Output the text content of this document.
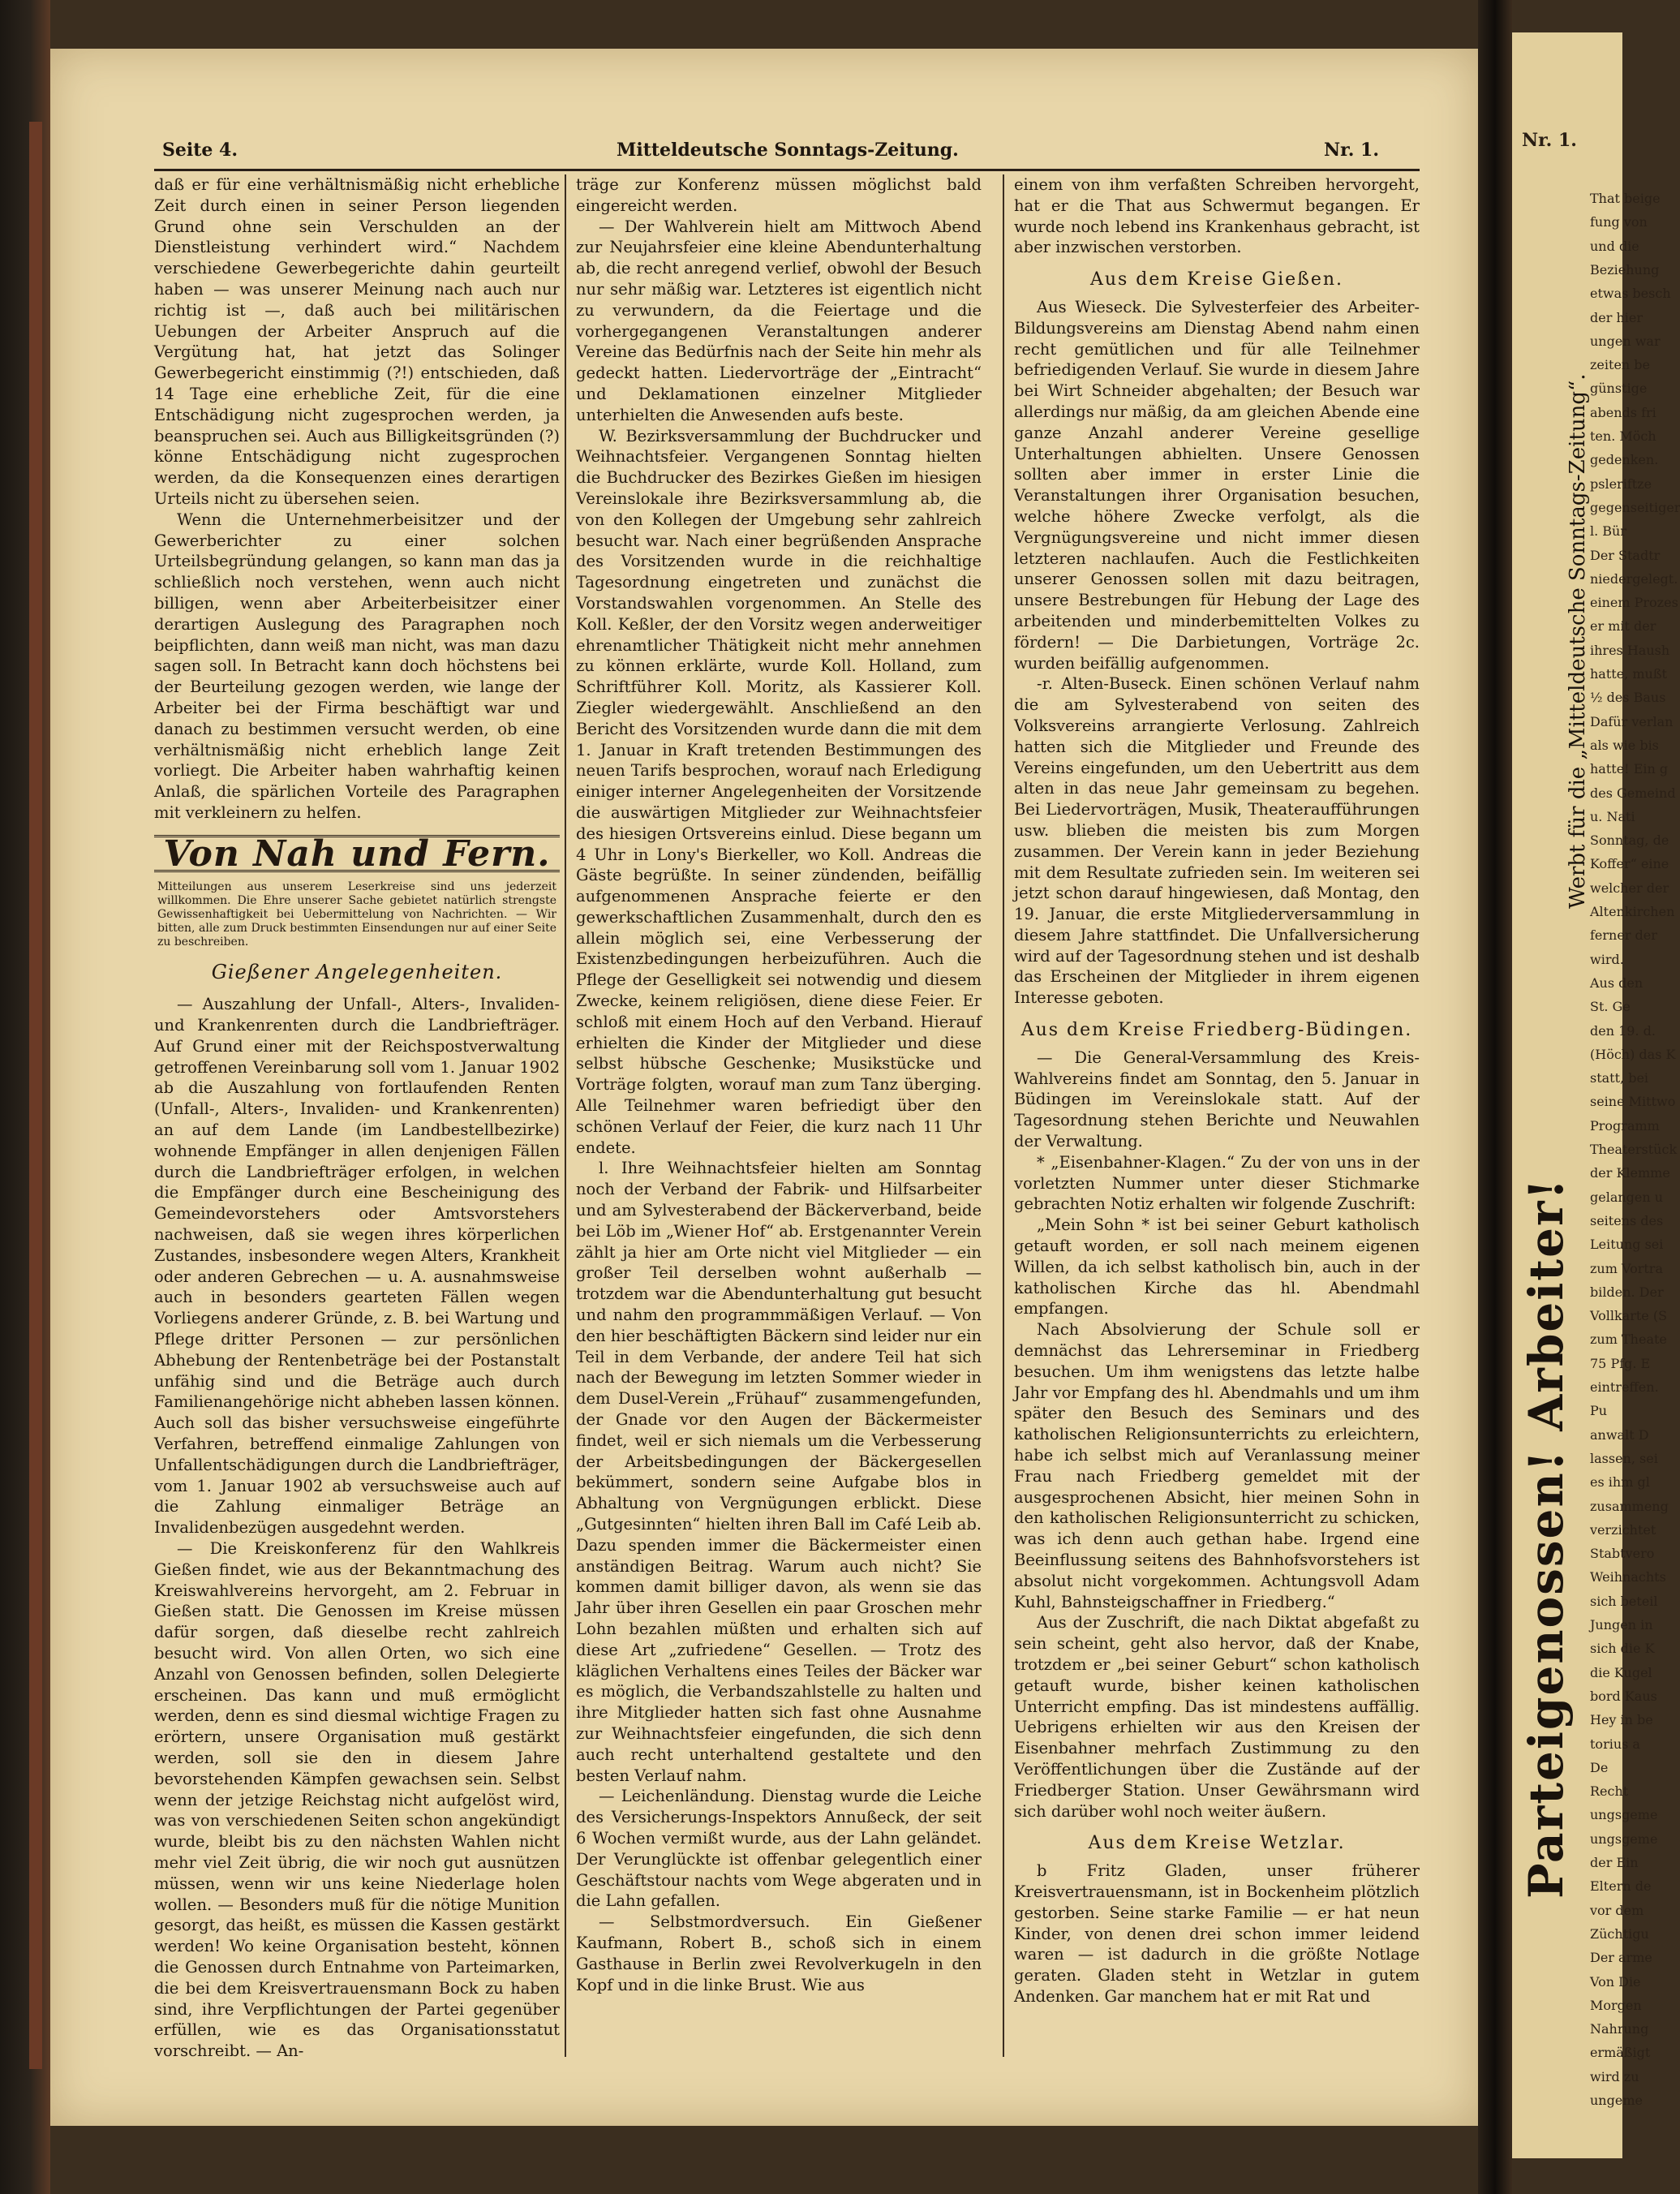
Seite 4.	Mitteldeutsche Sonntags-Zeitung.	Nr. 1.

daß er für eine verhältnismäßig nicht erhebliche Zeit durch einen in seiner Person liegenden Grund ohne sein Verschulden an der Dienstleistung verhindert wird.“ Nachdem verschiedene Gewerbegerichte dahin geurteilt haben — was unserer Meinung nach auch nur richtig ist —, daß auch bei militärischen Uebungen der Arbeiter Anspruch auf die Vergütung hat, hat jetzt das Solinger Gewerbegericht einstimmig (?!) entschieden, daß 14 Tage eine erhebliche Zeit, für die eine Entschädigung nicht zugesprochen werden, ja beanspruchen sei. Auch aus Billigkeitsgründen (?) könne Entschädigung nicht zugesprochen werden, da die Konsequenzen eines derartigen Urteils nicht zu übersehen seien.

Wenn die Unternehmerbeisitzer und der Gewerberichter zu einer solchen Urteilsbegründung gelangen, so kann man das ja schließlich noch verstehen, wenn auch nicht billigen, wenn aber Arbeiterbeisitzer einer derartigen Auslegung des Paragraphen noch beipflichten, dann weiß man nicht, was man dazu sagen soll. In Betracht kann doch höchstens bei der Beurteilung gezogen werden, wie lange der Arbeiter bei der Firma beschäftigt war und danach zu bestimmen versucht werden, ob eine verhältnismäßig nicht erheblich lange Zeit vorliegt. Die Arbeiter haben wahrhaftig keinen Anlaß, die spärlichen Vorteile des Paragraphen mit verkleinern zu helfen.

Von Nah und Fern.
Mitteilungen aus unserem Leserkreise sind uns jederzeit willkommen. Die Ehre unserer Sache gebietet natürlich strengste Gewissenhaftigkeit bei Uebermittelung von Nachrichten. — Wir bitten, alle zum Druck bestimmten Einsendungen nur auf einer Seite zu beschreiben.
Gießener Angelegenheiten.

— Auszahlung der Unfall-, Alters-, Invaliden- und Krankenrenten durch die Landbriefträger. Auf Grund einer mit der Reichspostverwaltung getroffenen Vereinbarung soll vom 1. Januar 1902 ab die Auszahlung von fortlaufenden Renten (Unfall-, Alters-, Invaliden- und Krankenrenten) an auf dem Lande (im Landbestellbezirke) wohnende Empfänger in allen denjenigen Fällen durch die Landbriefträger erfolgen, in welchen die Empfänger durch eine Bescheinigung des Gemeindevorstehers oder Amtsvorstehers nachweisen, daß sie wegen ihres körperlichen Zustandes, insbesondere wegen Alters, Krankheit oder anderen Gebrechen — u. A. ausnahmsweise auch in besonders gearteten Fällen wegen Vorliegens anderer Gründe, z. B. bei Wartung und Pflege dritter Personen — zur persönlichen Abhebung der Rentenbeträge bei der Postanstalt unfähig sind und die Beträge auch durch Familienangehörige nicht abheben lassen können. Auch soll das bisher versuchsweise eingeführte Verfahren, betreffend einmalige Zahlungen von Unfallentschädigungen durch die Landbriefträger, vom 1. Januar 1902 ab versuchsweise auch auf die Zahlung einmaliger Beträge an Invalidenbezügen ausgedehnt werden.

— Die Kreiskonferenz für den Wahlkreis Gießen findet, wie aus der Bekanntmachung des Kreiswahlvereins hervorgeht, am 2. Februar in Gießen statt. Die Genossen im Kreise müssen dafür sorgen, daß dieselbe recht zahlreich besucht wird. Von allen Orten, wo sich eine Anzahl von Genossen befinden, sollen Delegierte erscheinen. Das kann und muß ermöglicht werden, denn es sind diesmal wichtige Fragen zu erörtern, unsere Organisation muß gestärkt werden, soll sie den in diesem Jahre bevorstehenden Kämpfen gewachsen sein. Selbst wenn der jetzige Reichstag nicht aufgelöst wird, was von verschiedenen Seiten schon angekündigt wurde, bleibt bis zu den nächsten Wahlen nicht mehr viel Zeit übrig, die wir noch gut ausnützen müssen, wenn wir uns keine Niederlage holen wollen. — Besonders muß für die nötige Munition gesorgt, das heißt, es müssen die Kassen gestärkt werden! Wo keine Organisation besteht, können die Genossen durch Entnahme von Parteimarken, die bei dem Kreisvertrauensmann Bock zu haben sind, ihre Verpflichtungen der Partei gegenüber erfüllen, wie es das Organisationsstatut vorschreibt. — An-

träge zur Konferenz müssen möglichst bald eingereicht werden.

— Der Wahlverein hielt am Mittwoch Abend zur Neujahrsfeier eine kleine Abendunterhaltung ab, die recht anregend verlief, obwohl der Besuch nur sehr mäßig war. Letzteres ist eigentlich nicht zu verwundern, da die Feiertage und die vorhergegangenen Veranstaltungen anderer Vereine das Bedürfnis nach der Seite hin mehr als gedeckt hatten. Liedervorträge der „Eintracht“ und Deklamationen einzelner Mitglieder unterhielten die Anwesenden aufs beste.

W. Bezirksversammlung der Buchdrucker und Weihnachtsfeier. Vergangenen Sonntag hielten die Buchdrucker des Bezirkes Gießen im hiesigen Vereinslokale ihre Bezirksversammlung ab, die von den Kollegen der Umgebung sehr zahlreich besucht war. Nach einer begrüßenden Ansprache des Vorsitzenden wurde in die reichhaltige Tagesordnung eingetreten und zunächst die Vorstandswahlen vorgenommen. An Stelle des Koll. Keßler, der den Vorsitz wegen anderweitiger ehrenamtlicher Thätigkeit nicht mehr annehmen zu können erklärte, wurde Koll. Holland, zum Schriftführer Koll. Moritz, als Kassierer Koll. Ziegler wiedergewählt. Anschließend an den Bericht des Vorsitzenden wurde dann die mit dem 1. Januar in Kraft tretenden Bestimmungen des neuen Tarifs besprochen, worauf nach Erledigung einiger interner Angelegenheiten der Vorsitzende die auswärtigen Mitglieder zur Weihnachtsfeier des hiesigen Ortsvereins einlud. Diese begann um 4 Uhr in Lony's Bierkeller, wo Koll. Andreas die Gäste begrüßte. In seiner zündenden, beifällig aufgenommenen Ansprache feierte er den gewerkschaftlichen Zusammenhalt, durch den es allein möglich sei, eine Verbesserung der Existenzbedingungen herbeizuführen. Auch die Pflege der Geselligkeit sei notwendig und diesem Zwecke, keinem religiösen, diene diese Feier. Er schloß mit einem Hoch auf den Verband. Hierauf erhielten die Kinder der Mitglieder und diese selbst hübsche Geschenke; Musikstücke und Vorträge folgten, worauf man zum Tanz überging. Alle Teilnehmer waren befriedigt über den schönen Verlauf der Feier, die kurz nach 11 Uhr endete.

l. Ihre Weihnachtsfeier hielten am Sonntag noch der Verband der Fabrik- und Hilfsarbeiter und am Sylvesterabend der Bäckerverband, beide bei Löb im „Wiener Hof“ ab. Erstgenannter Verein zählt ja hier am Orte nicht viel Mitglieder — ein großer Teil derselben wohnt außerhalb — trotzdem war die Abendunterhaltung gut besucht und nahm den programmmäßigen Verlauf. — Von den hier beschäftigten Bäckern sind leider nur ein Teil in dem Verbande, der andere Teil hat sich nach der Bewegung im letzten Sommer wieder in dem Dusel-Verein „Frühauf“ zusammengefunden, der Gnade vor den Augen der Bäckermeister findet, weil er sich niemals um die Verbesserung der Arbeitsbedingungen der Bäckergesellen bekümmert, sondern seine Aufgabe blos in Abhaltung von Vergnügungen erblickt. Diese „Gutgesinnten“ hielten ihren Ball im Café Leib ab. Dazu spenden immer die Bäckermeister einen anständigen Beitrag. Warum auch nicht? Sie kommen damit billiger davon, als wenn sie das Jahr über ihren Gesellen ein paar Groschen mehr Lohn bezahlen müßten und erhalten sich auf diese Art „zufriedene“ Gesellen. — Trotz des kläglichen Verhaltens eines Teiles der Bäcker war es möglich, die Verbandszahlstelle zu halten und ihre Mitglieder hatten sich fast ohne Ausnahme zur Weihnachtsfeier eingefunden, die sich denn auch recht unterhaltend gestaltete und den besten Verlauf nahm.

— Leichenländung. Dienstag wurde die Leiche des Versicherungs-Inspektors Annußeck, der seit 6 Wochen vermißt wurde, aus der Lahn geländet. Der Verunglückte ist offenbar gelegentlich einer Geschäftstour nachts vom Wege abgeraten und in die Lahn gefallen.

— Selbstmordversuch. Ein Gießener Kaufmann, Robert B., schoß sich in einem Gasthause in Berlin zwei Revolverkugeln in den Kopf und in die linke Brust. Wie aus

einem von ihm verfaßten Schreiben hervorgeht, hat er die That aus Schwermut begangen. Er wurde noch lebend ins Krankenhaus gebracht, ist aber inzwischen verstorben.

Aus dem Kreise Gießen.

Aus Wieseck. Die Sylvesterfeier des Arbeiter-Bildungsvereins am Dienstag Abend nahm einen recht gemütlichen und für alle Teilnehmer befriedigenden Verlauf. Sie wurde in diesem Jahre bei Wirt Schneider abgehalten; der Besuch war allerdings nur mäßig, da am gleichen Abende eine ganze Anzahl anderer Vereine gesellige Unterhaltungen abhielten. Unsere Genossen sollten aber immer in erster Linie die Veranstaltungen ihrer Organisation besuchen, welche höhere Zwecke verfolgt, als die Vergnügungsvereine und nicht immer diesen letzteren nachlaufen. Auch die Festlichkeiten unserer Genossen sollen mit dazu beitragen, unsere Bestrebungen für Hebung der Lage des arbeitenden und minderbemittelten Volkes zu fördern! — Die Darbietungen, Vorträge 2c. wurden beifällig aufgenommen.

-r. Alten-Buseck. Einen schönen Verlauf nahm die am Sylvesterabend von seiten des Volksvereins arrangierte Verlosung. Zahlreich hatten sich die Mitglieder und Freunde des Vereins eingefunden, um den Uebertritt aus dem alten in das neue Jahr gemeinsam zu begehen. Bei Liedervorträgen, Musik, Theateraufführungen usw. blieben die meisten bis zum Morgen zusammen. Der Verein kann in jeder Beziehung mit dem Resultate zufrieden sein. Im weiteren sei jetzt schon darauf hingewiesen, daß Montag, den 19. Januar, die erste Mitgliederversammlung in diesem Jahre stattfindet. Die Unfallversicherung wird auf der Tagesordnung stehen und ist deshalb das Erscheinen der Mitglieder in ihrem eigenen Interesse geboten.

Aus dem Kreise Friedberg-Büdingen.

— Die General-Versammlung des Kreis-Wahlvereins findet am Sonntag, den 5. Januar in Büdingen im Vereinslokale statt. Auf der Tagesordnung stehen Berichte und Neuwahlen der Verwaltung.

* „Eisenbahner-Klagen.“ Zu der von uns in der vorletzten Nummer unter dieser Stichmarke gebrachten Notiz erhalten wir folgende Zuschrift:

„Mein Sohn * ist bei seiner Geburt katholisch getauft worden, er soll nach meinem eigenen Willen, da ich selbst katholisch bin, auch in der katholischen Kirche das hl. Abendmahl empfangen.

Nach Absolvierung der Schule soll er demnächst das Lehrerseminar in Friedberg besuchen. Um ihm wenigstens das letzte halbe Jahr vor Empfang des hl. Abendmahls und um ihm später den Besuch des Seminars und des katholischen Religionsunterrichts zu erleichtern, habe ich selbst mich auf Veranlassung meiner Frau nach Friedberg gemeldet mit der ausgesprochenen Absicht, hier meinen Sohn in den katholischen Religionsunterricht zu schicken, was ich denn auch gethan habe. Irgend eine Beeinflussung seitens des Bahnhofsvorstehers ist absolut nicht vorgekommen. Achtungsvoll Adam Kuhl, Bahnsteigschaffner in Friedberg.“

Aus der Zuschrift, die nach Diktat abgefaßt zu sein scheint, geht also hervor, daß der Knabe, trotzdem er „bei seiner Geburt“ schon katholisch getauft wurde, bisher keinen katholischen Unterricht empfing. Das ist mindestens auffällig. Uebrigens erhielten wir aus den Kreisen der Eisenbahner mehrfach Zustimmung zu den Veröffentlichungen über die Zustände auf der Friedberger Station. Unser Gewährsmann wird sich darüber wohl noch weiter äußern.

Aus dem Kreise Wetzlar.

b Fritz Gladen, unser früherer Kreisvertrauensmann, ist in Bockenheim plötzlich gestorben. Seine starke Familie — er hat neun Kinder, von denen drei schon immer leidend waren — ist dadurch in die größte Notlage geraten. Gladen steht in Wetzlar in gutem Andenken. Gar manchem hat er mit Rat und

Nr. 1.
Parteigenossen! Arbeiter!
Werbt für die „Mitteldeutsche Sonntags-Zeitung“.
That beige
fung von
und die
Beziehung
etwas besch
der hier
ungen war
zeiten be
günstige
abends fri
ten. Möch
gedenken.
psleriftze
gegenseitiger
l. Bür
Der Stadtr
niedergelegt.
einem Prozes
er mit der
ihres Haush
hatte, mußt
½ des Baus
Dafür verlan
als wie bis
hatte! Ein g
des Gemeind
u. Nati
Sonntag, de
Koffer“ eine
welcher der
Altenkirchen
ferner der
wird.
Aus den
St. Ge
den 19. d.
(Höch) das K
statt, bei
seine Mittwo
Programm
Theaterstück
der Klemme
gelangen u
seitens des
Leitung sei
zum Vortra
bilden. Der
Vollkarte (S
zum Theate
75 Pfg. E
eintreffen.
Pu
anwalt D
lassen, sei
es ihm gl
zusammeng
verzichtet
Stabtvero
Weihnachts
sich beteil
Jungen in
sich die K
die Kugel
bord Kaus
Hey in be
torius a
De
Recht
ungsgeme
ungsgeme
der Ein
Eltern de
vor dem
Züchtigu
Der arme
Von Die
Morgen
Nahrung
ermäßigt
wird zu
ungeme
